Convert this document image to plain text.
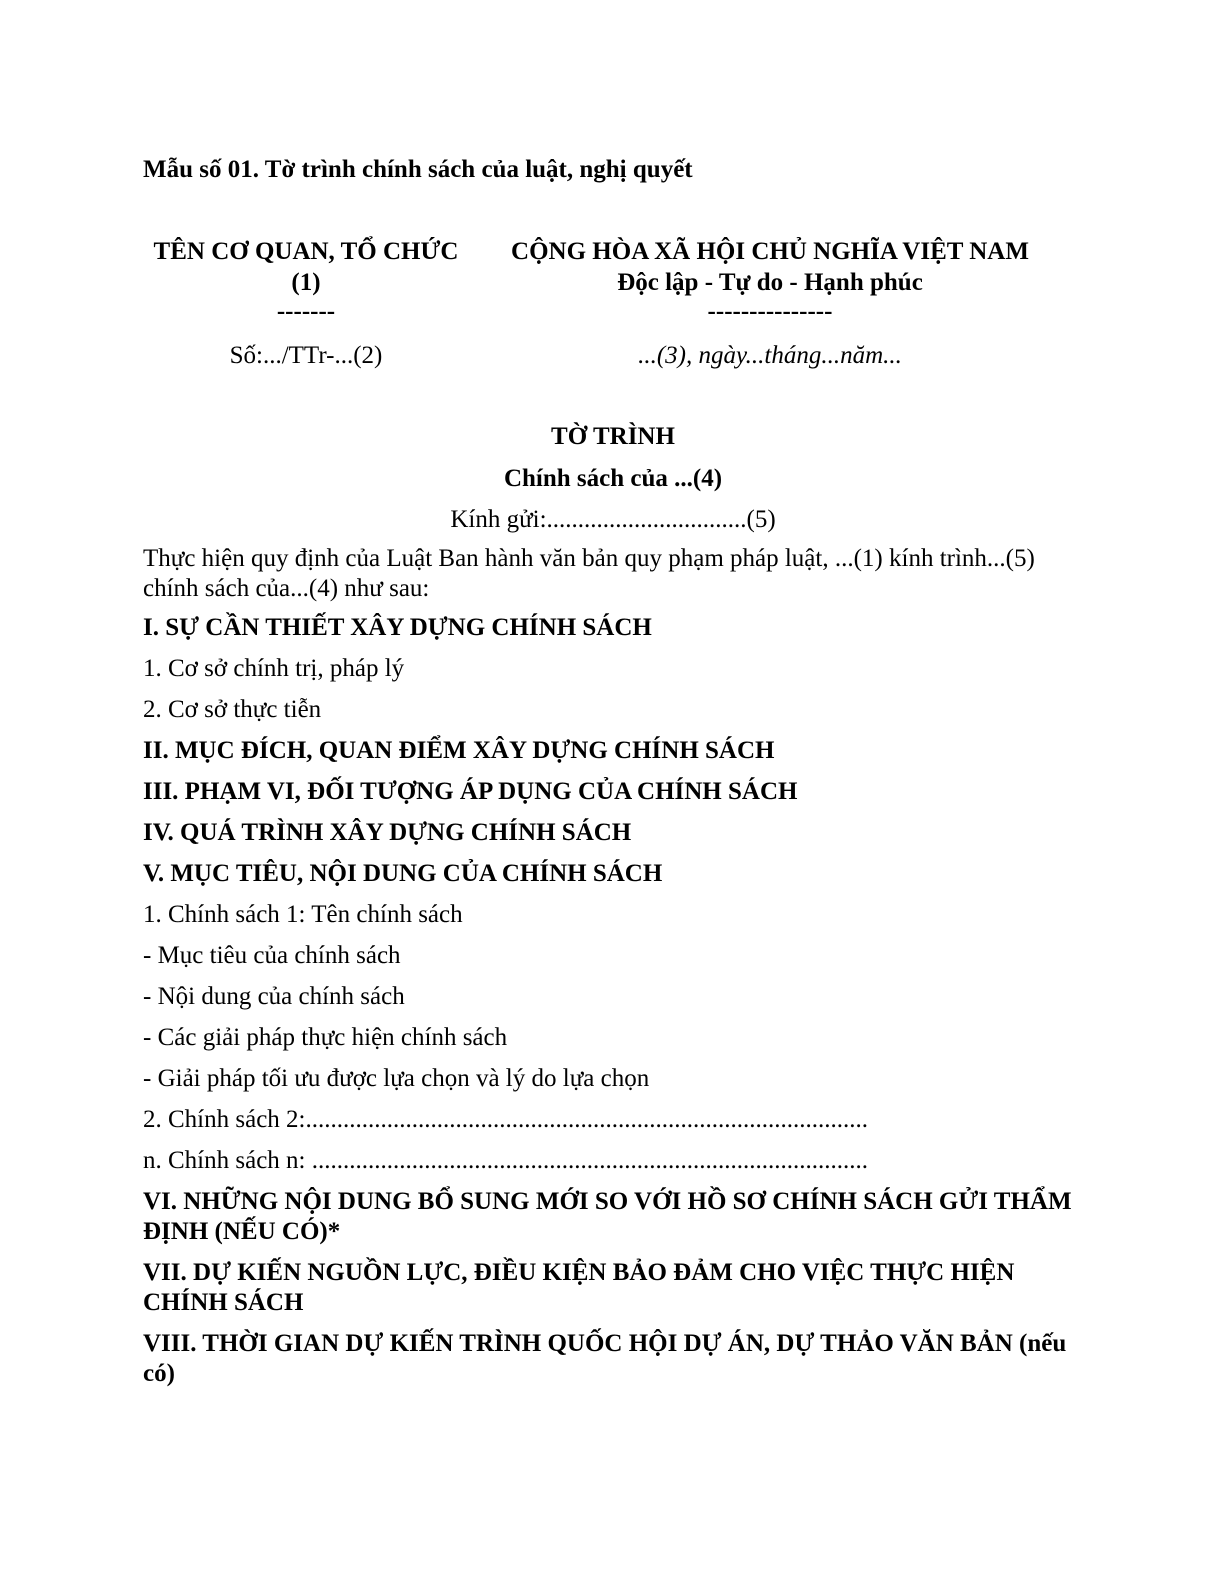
Mẫu số 01. Tờ trình chính sách của luật, nghị quyết
TÊN CƠ QUAN, TỔ CHỨC
(1)
-------
Số:.../TTr-...(2)
CỘNG HÒA XÃ HỘI CHỦ NGHĨA VIỆT NAM
Độc lập - Tự do - Hạnh phúc
---------------
...(3), ngày...tháng...năm...
TỜ TRÌNH
Chính sách của ...(4)
Kính gửi:................................(5)

Thực hiện quy định của Luật Ban hành văn bản quy phạm pháp luật, ...(1) kính trình...(5) chính sách của...(4) như sau:

I. SỰ CẦN THIẾT XÂY DỰNG CHÍNH SÁCH
1. Cơ sở chính trị, pháp lý
2. Cơ sở thực tiễn
II. MỤC ĐÍCH, QUAN ĐIỂM XÂY DỰNG CHÍNH SÁCH
III. PHẠM VI, ĐỐI TƯỢNG ÁP DỤNG CỦA CHÍNH SÁCH
IV. QUÁ TRÌNH XÂY DỰNG CHÍNH SÁCH
V. MỤC TIÊU, NỘI DUNG CỦA CHÍNH SÁCH
1. Chính sách 1: Tên chính sách
- Mục tiêu của chính sách
- Nội dung của chính sách
- Các giải pháp thực hiện chính sách
- Giải pháp tối ưu được lựa chọn và lý do lựa chọn
2. Chính sách 2:..........................................................................................
n. Chính sách n: .........................................................................................
VI. NHỮNG NỘI DUNG BỔ SUNG MỚI SO VỚI HỒ SƠ CHÍNH SÁCH GỬI THẨM ĐỊNH (NẾU CÓ)*
VII. DỰ KIẾN NGUỒN LỰC, ĐIỀU KIỆN BẢO ĐẢM CHO VIỆC THỰC HIỆN CHÍNH SÁCH
VIII. THỜI GIAN DỰ KIẾN TRÌNH QUỐC HỘI DỰ ÁN, DỰ THẢO VĂN BẢN (nếu có)
